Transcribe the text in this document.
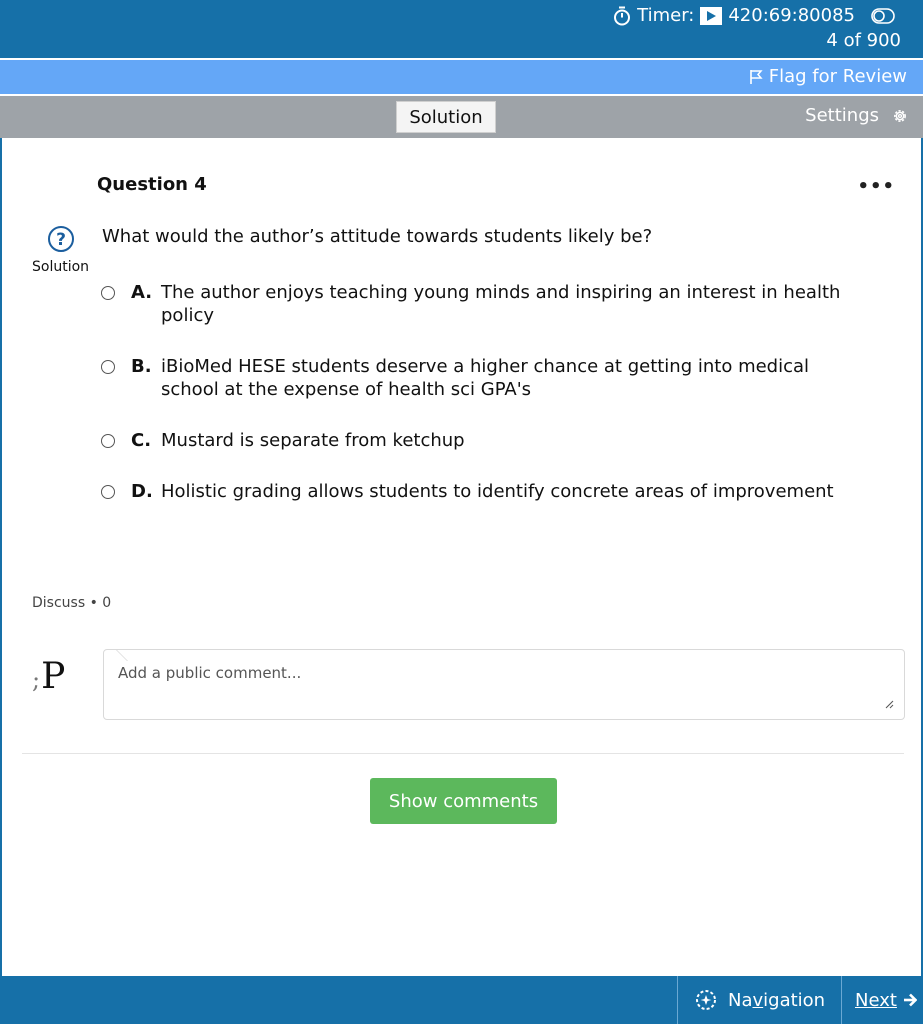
Timer: 420:69:80085
4 of 900
Flag for Review
Solution	Settings
Question 4	•••
?
Solution
What would the author’s attitude towards students likely be?
A. The author enjoys teaching young minds and inspiring an interest in health policy
B. iBioMed HESE students deserve a higher chance at getting into medical school at the expense of health sci GPA's
C. Mustard is separate from ketchup
D. Holistic grading allows students to identify concrete areas of improvement
Discuss • 0
; P
Add a public comment...
Show comments
Navigation Next
